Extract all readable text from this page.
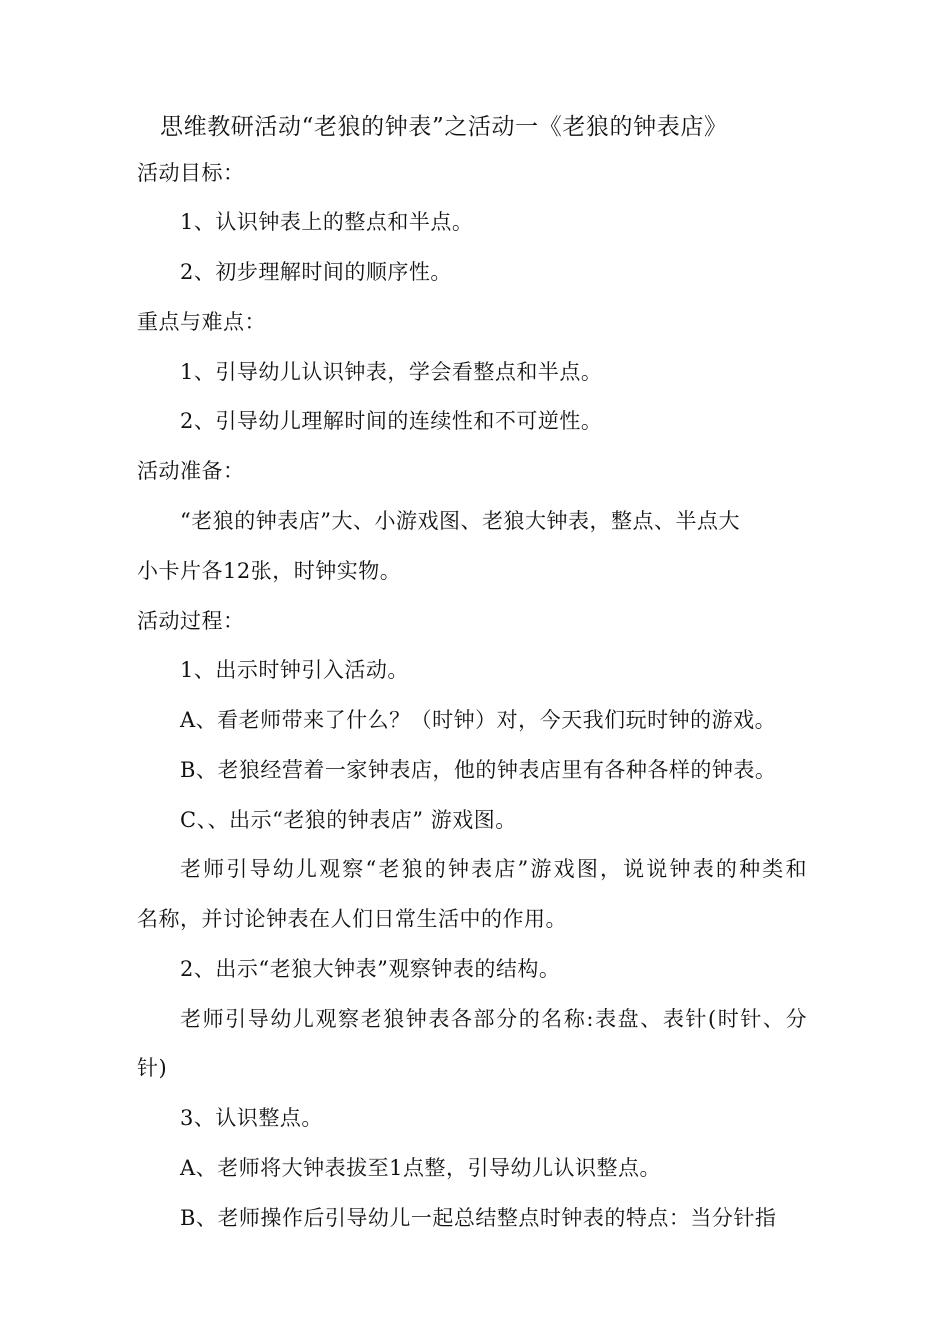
思维教研活动“老狼的钟表”之活动一《老狼的钟表店》
活动目标：
1、认识钟表上的整点和半点。
2、初步理解时间的顺序性。
重点与难点：
1、引导幼儿认识钟表，学会看整点和半点。
2、引导幼儿理解时间的连续性和不可逆性。
活动准备：
“老狼的钟表店”大、小游戏图、老狼大钟表，整点、半点大
小卡片各12张，时钟实物。
活动过程：
1、出示时钟引入活动。
A、看老师带来了什么？（时钟）对，今天我们玩时钟的游戏。
B、老狼经营着一家钟表店，他的钟表店里有各种各样的钟表。
C、、出示“老狼的钟表店” 游戏图。
老师引导幼儿观察“老狼的钟表店”游戏图，说说钟表的种类和
名称，并讨论钟表在人们日常生活中的作用。
2、出示“老狼大钟表”观察钟表的结构。
老师引导幼儿观察老狼钟表各部分的名称:表盘、表针(时针、分
针)
3、认识整点。
A、老师将大钟表拔至1点整，引导幼儿认识整点。
B、老师操作后引导幼儿一起总结整点时钟表的特点：当分针指
